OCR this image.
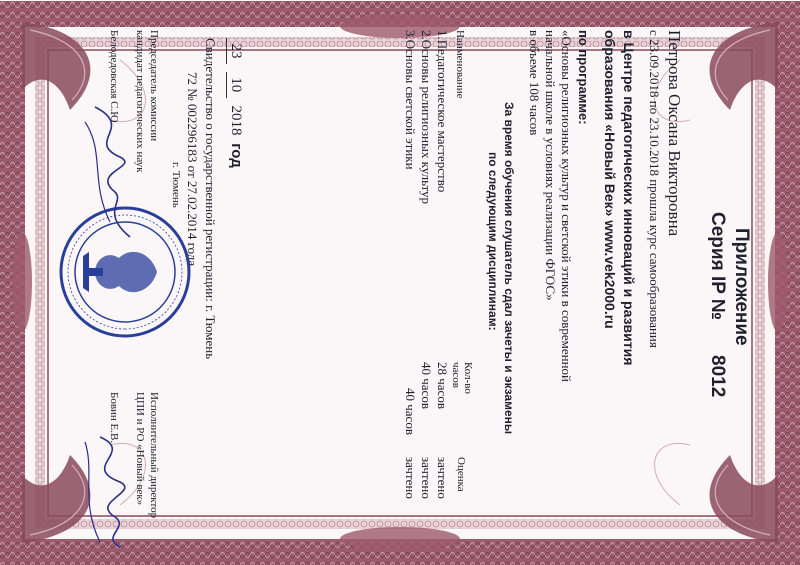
Приложение
Серия IP №
8012
Петрова Оксана Викторовна
с 23.09.2018 по 23.10.2018 прошла курс самообразования
в Центре педагогических инноваций и развития
образования «Новый Век» www.vek2000.ru
по программе:
«Основы религиозных культур и светской этики в современной
начальной школе в условиях реализации ФГОС»
в объеме 108 часов
За время обучения слушатель сдал зачеты и экзамены
по следующим дисциплинам:
Наименование
Кол-во
часов
Оценка
1.Педагогическое мастерство
28 часов
зачтено
2.Основы религиозных культур
40 часов
зачтено
3.Основы светской этики
40 часов
зачтено
23 10 2018 год
Свидетельство о государственной регистрации: г. Тюмень
72 № 002296183 от 27.02.2014 года
г. Тюмень
Председатель комиссии
кандидат педагогических наук
Белодедовская С.Ю.
Исполнительный директор
ЦПИ и РО «Новый век»
Бовин Е.В.
